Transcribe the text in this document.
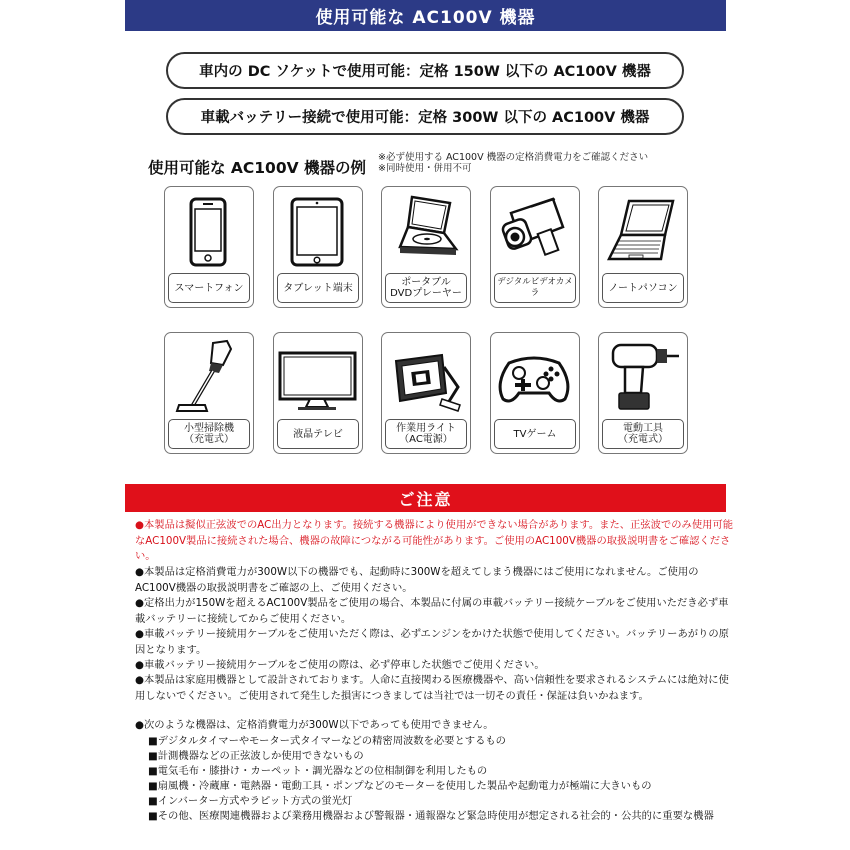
使用可能な AC100V 機器
車内の DC ソケットで使用可能：定格 150W 以下の AC100V 機器
車載バッテリー接続で使用可能：定格 300W 以下の AC100V 機器
使用可能な AC100V 機器の例
※必ず使用する AC100V 機器の定格消費電力をご確認ください
※同時使用・併用不可
スマートフォン	タブレット端末	ポータブル
DVDプレーヤー
デジタルビデオカメラ	ノートパソコン
小型掃除機
（充電式）	液晶テレビ	作業用ライト
（AC電源）	TVゲーム	電動工具
（充電式）
ご注意
●本製品は擬似正弦波でのAC出力となります。接続する機器により使用ができない場合があります。また、正弦波でのみ使用可能なAC100V製品に接続された場合、機器の故障につながる可能性があります。ご使用のAC100V機器の取扱説明書をご確認ください。
●本製品は定格消費電力が300W以下の機器でも、起動時に300Wを超えてしまう機器にはご使用になれません。ご使用のAC100V機器の取扱説明書をご確認の上、ご使用ください。
●定格出力が150Wを超えるAC100V製品をご使用の場合、本製品に付属の車載バッテリー接続ケーブルをご使用いただき必ず車載バッテリーに接続してからご使用ください。
●車載バッテリー接続用ケーブルをご使用いただく際は、必ずエンジンをかけた状態で使用してください。バッテリーあがりの原因となります。
●車載バッテリー接続用ケーブルをご使用の際は、必ず停車した状態でご使用ください。
●本製品は家庭用機器として設計されております。人命に直接関わる医療機器や、高い信頼性を要求されるシステムには絶対に使用しないでください。ご使用されて発生した損害につきましては当社では一切その責任・保証は負いかねます。
●次のような機器は、定格消費電力が300W以下であっても使用できません。
■デジタルタイマーやモーター式タイマーなどの精密周波数を必要とするもの
■計測機器などの正弦波しか使用できないもの
■電気毛布・膝掛け・カーペット・調光器などの位相制御を利用したもの
■扇風機・冷蔵庫・電熱器・電動工具・ポンプなどのモーターを使用した製品や起動電力が極端に大きいもの
■インバーター方式やラピット方式の蛍光灯
■その他、医療関連機器および業務用機器および警報器・通報器など緊急時使用が想定される社会的・公共的に重要な機器
